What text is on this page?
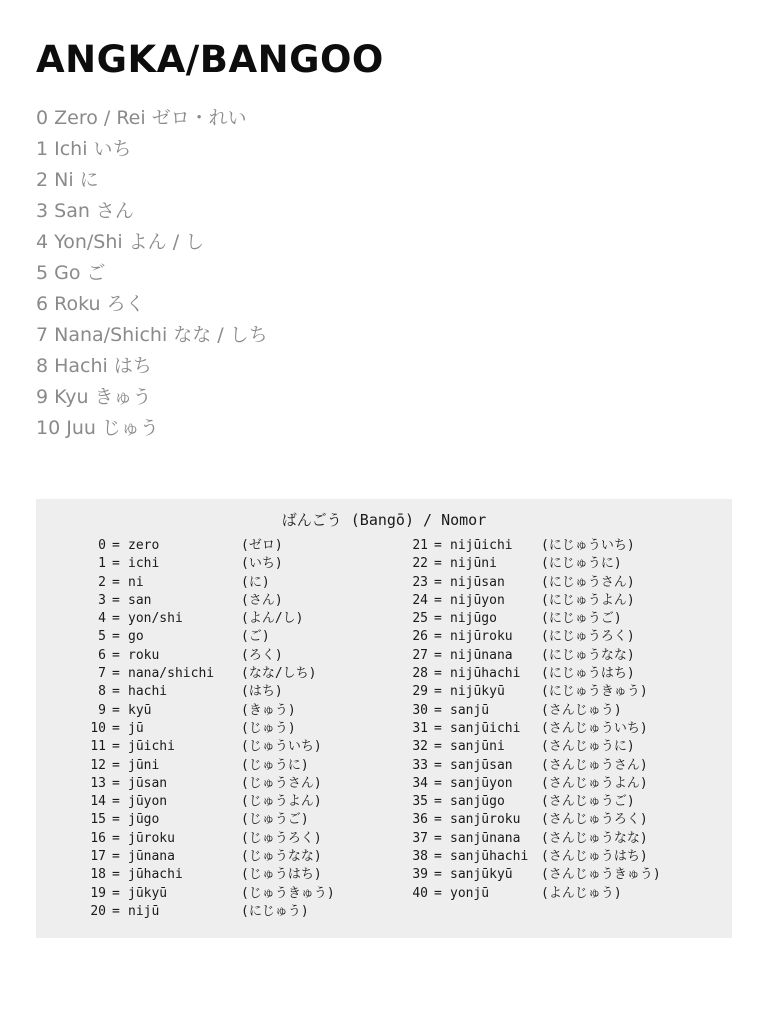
ANGKA/BANGOO
0 Zero / Rei ゼロ・れい
1 Ichi いち
2 Ni に
3 San さん
4 Yon/Shi よん / し
5 Go ご
6 Roku ろく
7 Nana/Shichi なな / しち
8 Hachi はち
9 Kyu きゅう
10 Juu じゅう
ばんごう (Bangō) / Nomor
0 = zero	(ゼロ)
1 = ichi	(いち)
2 = ni	(に)
3 = san	(さん)
4 = yon/shi	(よん/し)
5 = go	(ご)
6 = roku	(ろく)
7 = nana/shichi (なな/しち)
8 = hachi	(はち)
9 = kyū	(きゅう)
10 = jū	(じゅう)
11 = jūichi	(じゅういち)
12 = jūni	(じゅうに)
13 = jūsan	(じゅうさん)
14 = jūyon	(じゅうよん)
15 = jūgo	(じゅうご)
16 = jūroku	(じゅうろく)
17 = jūnana	(じゅうなな)
18 = jūhachi	(じゅうはち)
19 = jūkyū	(じゅうきゅう)
20 = nijū	(にじゅう)
21 = nijūichi (にじゅういち)
22 = nijūni	(にじゅうに)
23 = nijūsan	(にじゅうさん)
24 = nijūyon	(にじゅうよん)
25 = nijūgo	(にじゅうご)
26 = nijūroku (にじゅうろく)
27 = nijūnana (にじゅうなな)
28 = nijūhachi (にじゅうはち)
29 = nijūkyū	(にじゅうきゅう)
30 = sanjū	(さんじゅう)
31 = sanjūichi (さんじゅういち)
32 = sanjūni	(さんじゅうに)
33 = sanjūsan (さんじゅうさん)
34 = sanjūyon (さんじゅうよん)
35 = sanjūgo	(さんじゅうご)
36 = sanjūroku (さんじゅうろく)
37 = sanjūnana (さんじゅうなな)
38 = sanjūhachi (さんじゅうはち)
39 = sanjūkyū (さんじゅうきゅう)
40 = yonjū	(よんじゅう)
